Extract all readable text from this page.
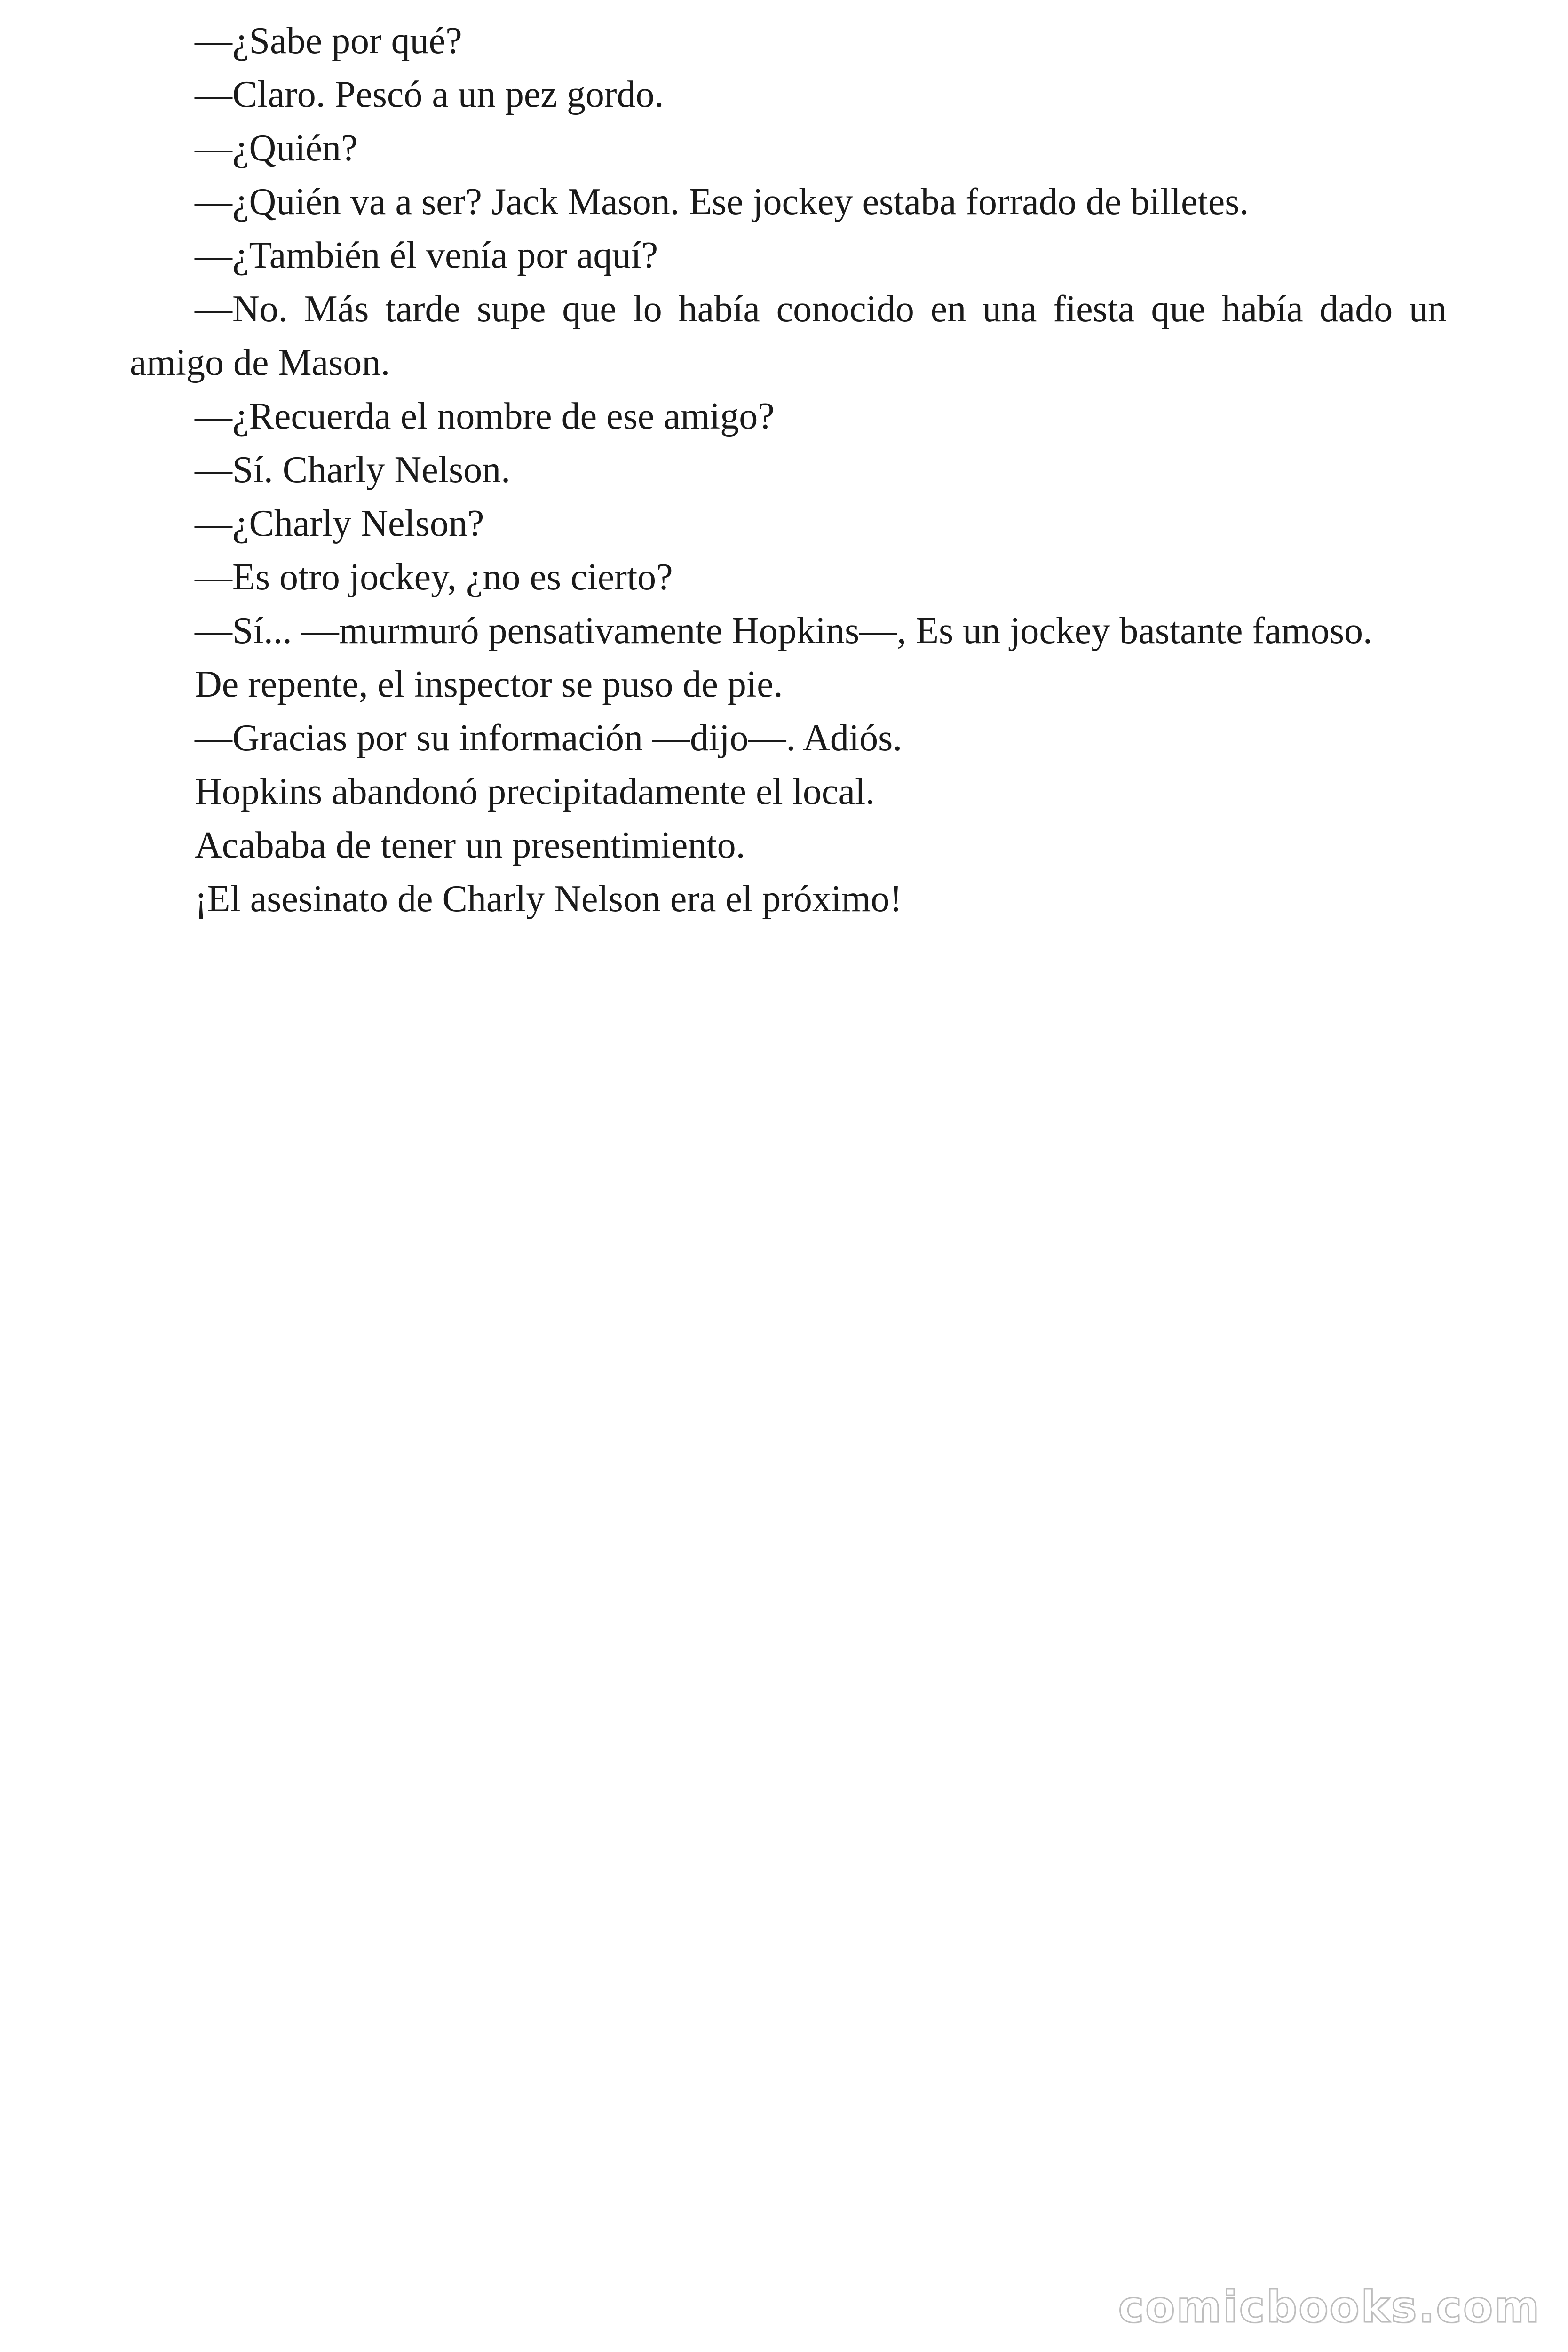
—¿Sabe por qué?

—Claro. Pescó a un pez gordo.

—¿Quién?

—¿Quién va a ser? Jack Mason. Ese jockey estaba forrado de billetes.

—¿También él venía por aquí?

—No. Más tarde supe que lo había conocido en una fiesta que había dado un amigo de Mason.

—¿Recuerda el nombre de ese amigo?

—Sí. Charly Nelson.

—¿Charly Nelson?

—Es otro jockey, ¿no es cierto?

—Sí... —murmuró pensativamente Hopkins—, Es un jockey bastante famoso.

De repente, el inspector se puso de pie.

—Gracias por su información —dijo—. Adiós.

Hopkins abandonó precipitadamente el local.

Acababa de tener un presentimiento.

¡El asesinato de Charly Nelson era el próximo!

comicbooks.com
